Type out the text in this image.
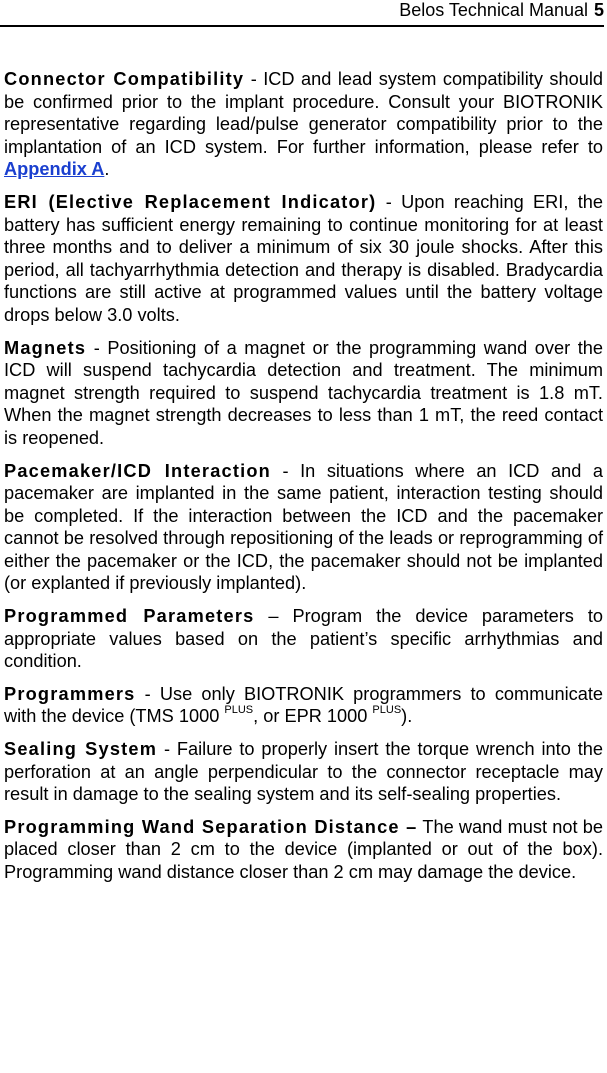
Belos Technical Manual 5

Connector Compatibility - ICD and lead system compatibility should be confirmed prior to the implant procedure. Consult your BIOTRONIK representative regarding lead/pulse generator compatibility prior to the implantation of an ICD system. For further information, please refer to Appendix A.

ERI (Elective Replacement Indicator) - Upon reaching ERI, the battery has sufficient energy remaining to continue monitoring for at least three months and to deliver a minimum of six 30 joule shocks. After this period, all tachyarrhythmia detection and therapy is disabled. Bradycardia functions are still active at programmed values until the battery voltage drops below 3.0 volts.

Magnets - Positioning of a magnet or the programming wand over the ICD will suspend tachycardia detection and treatment. The minimum magnet strength required to suspend tachycardia treatment is 1.8 mT. When the magnet strength decreases to less than 1 mT, the reed contact is reopened.

Pacemaker/ICD Interaction - In situations where an ICD and a pacemaker are implanted in the same patient, interaction testing should be completed. If the interaction between the ICD and the pacemaker cannot be resolved through repositioning of the leads or reprogramming of either the pacemaker or the ICD, the pacemaker should not be implanted (or explanted if previously implanted).

Programmed Parameters – Program the device parameters to appropriate values based on the patient’s specific arrhythmias and condition.

Programmers - Use only BIOTRONIK programmers to communicate with the device (TMS 1000 $^{PLUS}$, or EPR 1000 $^{PLUS}$).

Sealing System - Failure to properly insert the torque wrench into the perforation at an angle perpendicular to the connector receptacle may result in damage to the sealing system and its self-sealing properties.

Programming Wand Separation Distance – The wand must not be placed closer than 2 cm to the device (implanted or out of the box). Programming wand distance closer than 2 cm may damage the device.
